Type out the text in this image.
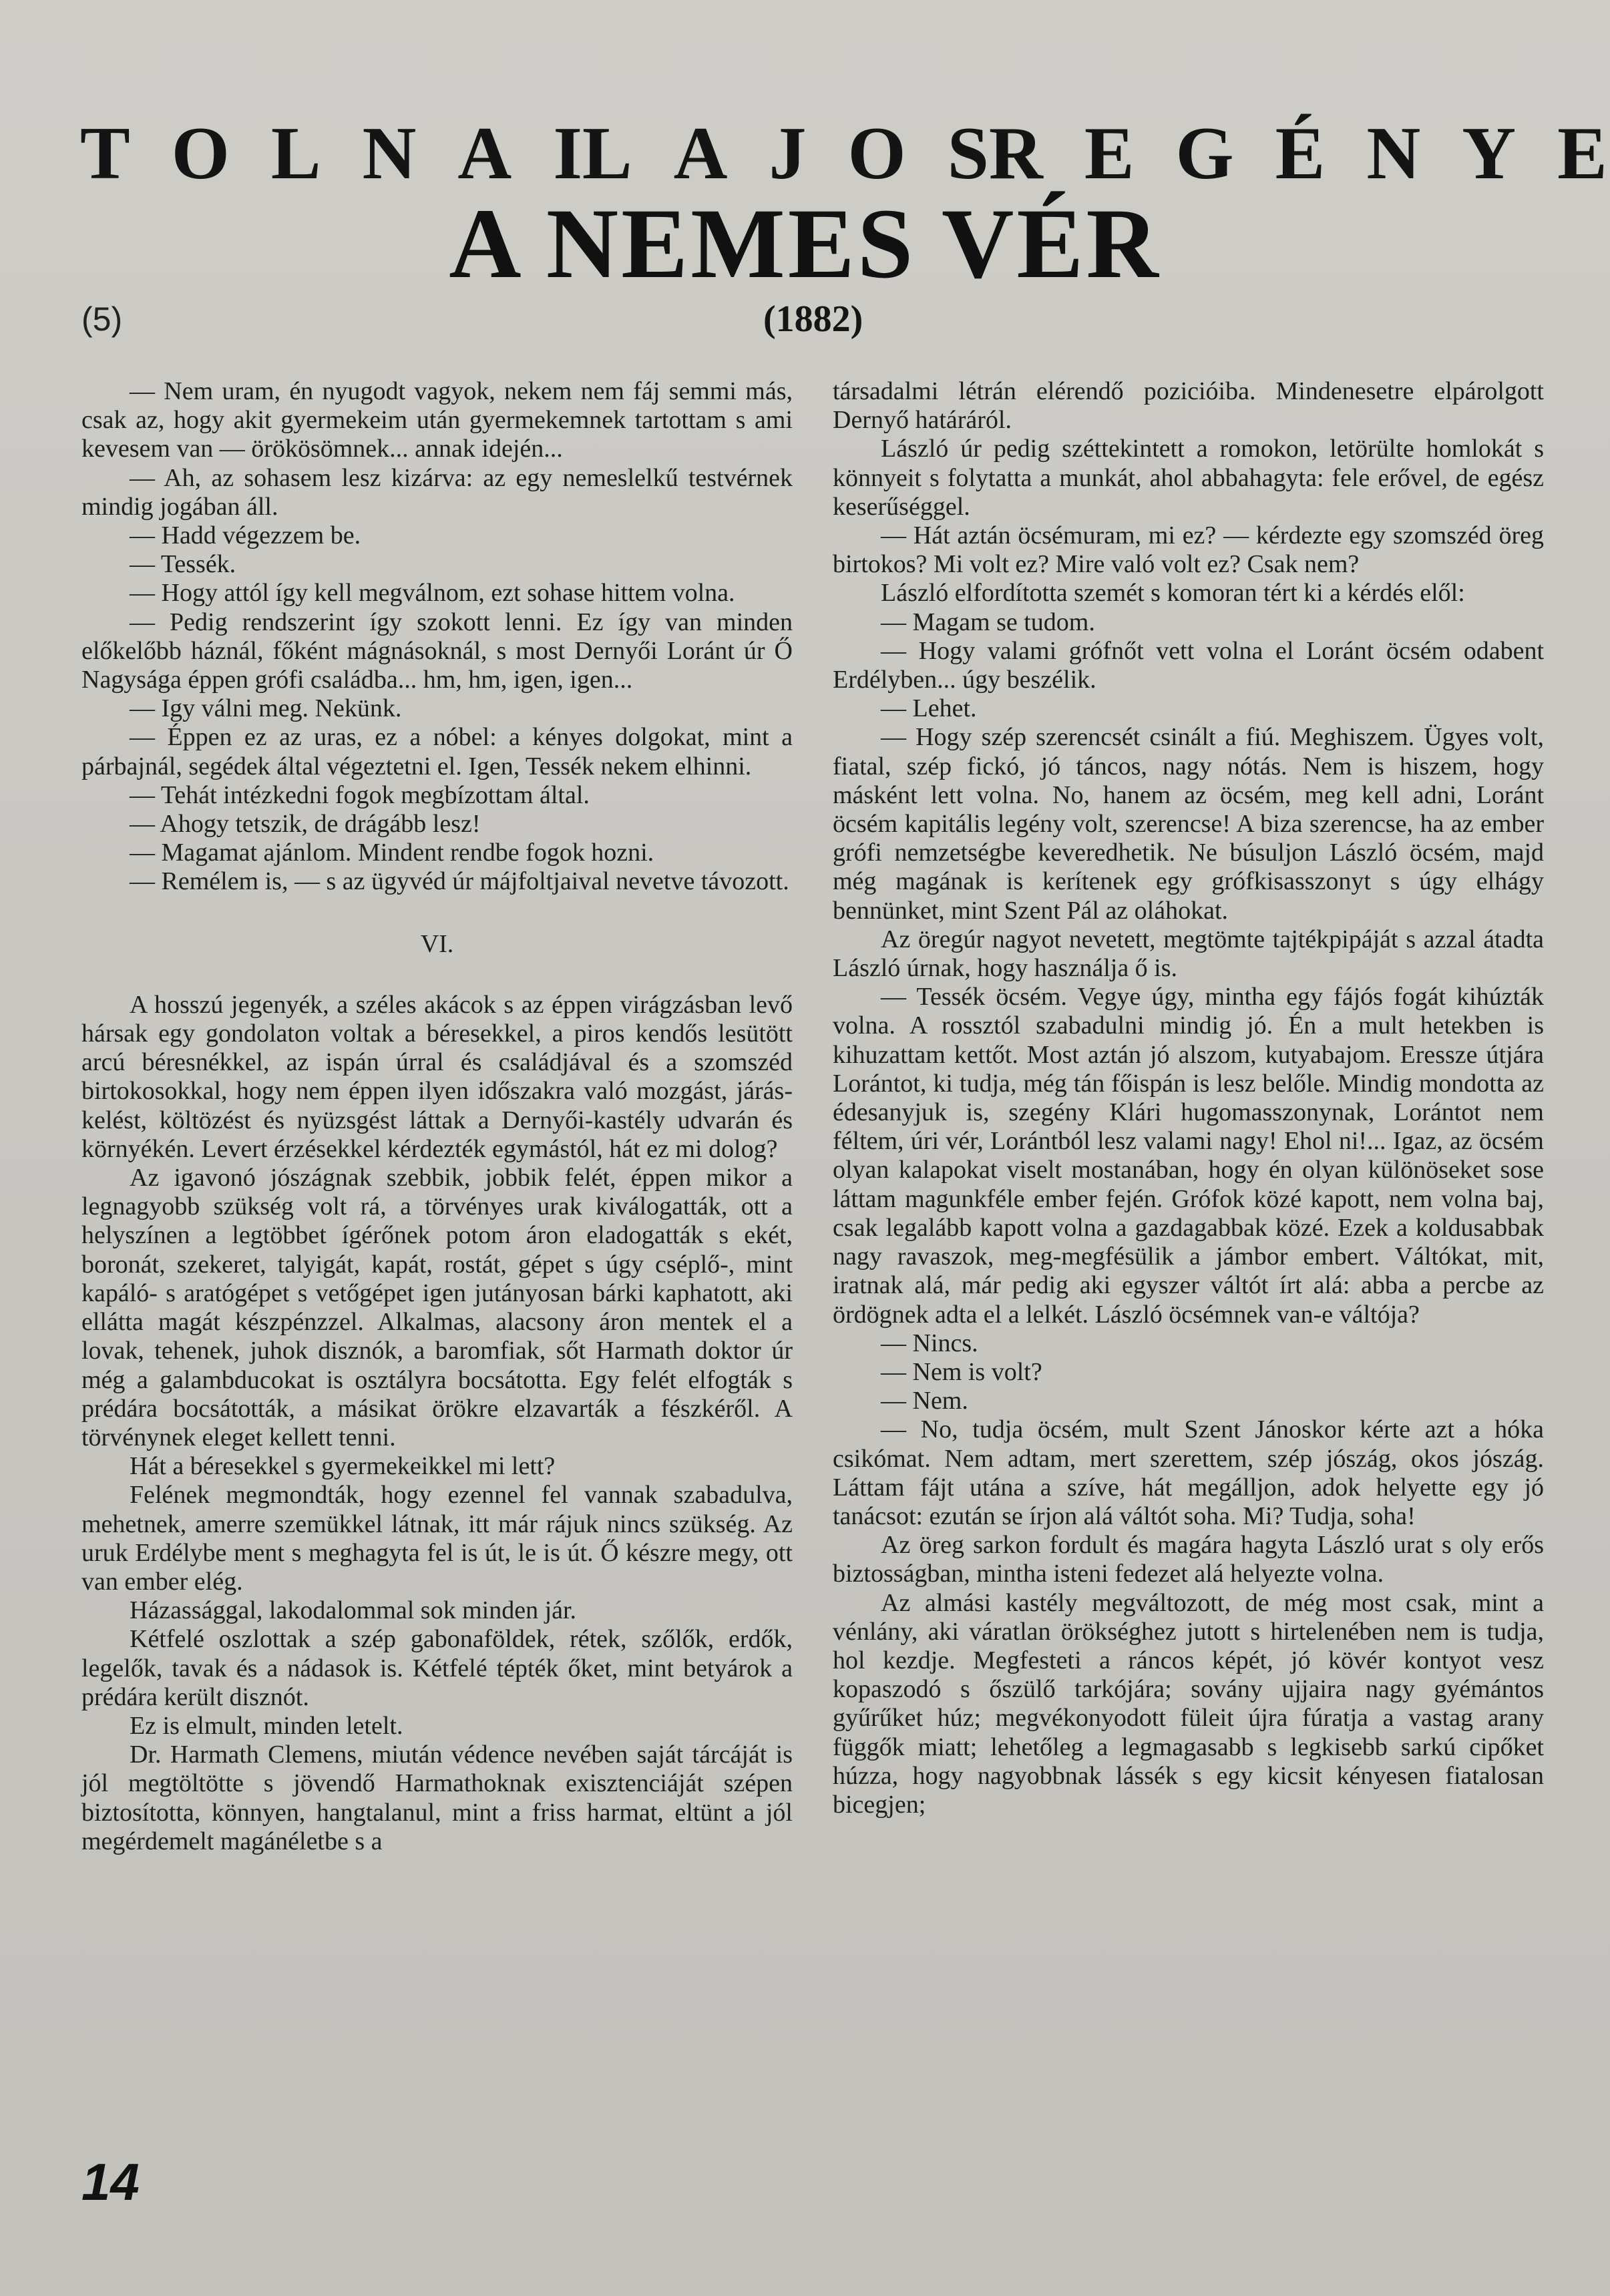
T O L N A I L A J O S R E G É N Y E
A NEMES VÉR
(5)	(1882)

— Nem uram, én nyugodt vagyok, nekem nem fáj semmi más, csak az, hogy akit gyermekeim után gyermekemnek tartottam s ami kevesem van — örökösömnek... annak idején...

— Ah, az sohasem lesz kizárva: az egy nemeslelkű testvérnek mindig jogában áll.

— Hadd végezzem be.

— Tessék.

— Hogy attól így kell megválnom, ezt sohase hittem volna.

— Pedig rendszerint így szokott lenni. Ez így van minden előkelőbb háznál, főként mágnásoknál, s most Dernyői Loránt úr Ő Nagysága éppen grófi családba... hm, hm, igen, igen...

— Igy válni meg. Nekünk.

— Éppen ez az uras, ez a nóbel: a kényes dolgokat, mint a párbajnál, segédek által végeztetni el. Igen, Tessék nekem elhinni.

— Tehát intézkedni fogok megbízottam által.

— Ahogy tetszik, de drágább lesz!

— Magamat ajánlom. Mindent rendbe fogok hozni.

— Remélem is, — s az ügyvéd úr májfoltjaival nevetve távozott.

VI.

A hosszú jegenyék, a széles akácok s az éppen virágzásban levő hársak egy gondolaton voltak a béresekkel, a piros kendős lesütött arcú béresnékkel, az ispán úrral és családjával és a szomszéd birtokosokkal, hogy nem éppen ilyen időszakra való mozgást, járás-kelést, költözést és nyüzsgést láttak a Dernyői-kastély udvarán és környékén. Levert érzésekkel kérdezték egymástól, hát ez mi dolog?

Az igavonó jószágnak szebbik, jobbik felét, éppen mikor a legnagyobb szükség volt rá, a törvényes urak kiválogatták, ott a helyszínen a legtöbbet ígérőnek potom áron eladogatták s ekét, boronát, szekeret, talyigát, kapát, rostát, gépet s úgy cséplő-, mint kapáló- s aratógépet s vetőgépet igen jutányosan bárki kaphatott, aki ellátta magát készpénzzel. Alkalmas, alacsony áron mentek el a lovak, tehenek, juhok disznók, a baromfiak, sőt Harmath doktor úr még a galambducokat is osztályra bocsátotta. Egy felét elfogták s prédára bocsátották, a másikat örökre elzavarták a fészkéről. A törvénynek eleget kellett tenni.

Hát a béresekkel s gyermekeikkel mi lett?

Felének megmondták, hogy ezennel fel vannak szabadulva, mehetnek, amerre szemükkel látnak, itt már rájuk nincs szükség. Az uruk Erdélybe ment s meghagyta fel is út, le is út. Ő készre megy, ott van ember elég.

Házassággal, lakodalommal sok minden jár.

Kétfelé oszlottak a szép gabonaföldek, rétek, szőlők, erdők, legelők, tavak és a nádasok is. Kétfelé tépték őket, mint betyárok a prédára került disznót.

Ez is elmult, minden letelt.

Dr. Harmath Clemens, miután védence nevében saját tárcáját is jól megtöltötte s jövendő Harmathoknak exisztenciáját szépen biztosította, könnyen, hangtalanul, mint a friss harmat, eltünt a jól megérdemelt magánéletbe s a

társadalmi létrán elérendő pozicióiba. Mindenesetre elpárolgott Dernyő határáról.

László úr pedig széttekintett a romokon, letörülte homlokát s könnyeit s folytatta a munkát, ahol abbahagyta: fele erővel, de egész keserűséggel.

— Hát aztán öcsémuram, mi ez? — kérdezte egy szomszéd öreg birtokos? Mi volt ez? Mire való volt ez? Csak nem?

László elfordította szemét s komoran tért ki a kérdés elől:

— Magam se tudom.

— Hogy valami grófnőt vett volna el Loránt öcsém odabent Erdélyben... úgy beszélik.

— Lehet.

— Hogy szép szerencsét csinált a fiú. Meghiszem. Ügyes volt, fiatal, szép fickó, jó táncos, nagy nótás. Nem is hiszem, hogy másként lett volna. No, hanem az öcsém, meg kell adni, Loránt öcsém kapitális legény volt, szerencse! A biza szerencse, ha az ember grófi nemzetségbe keveredhetik. Ne búsuljon László öcsém, majd még magának is kerítenek egy grófkisasszonyt s úgy elhágy bennünket, mint Szent Pál az oláhokat.

Az öregúr nagyot nevetett, megtömte tajtékpipáját s azzal átadta László úrnak, hogy használja ő is.

— Tessék öcsém. Vegye úgy, mintha egy fájós fogát kihúzták volna. A rossztól szabadulni mindig jó. Én a mult hetekben is kihuzattam kettőt. Most aztán jó alszom, kutyabajom. Eressze útjára Lorántot, ki tudja, még tán főispán is lesz belőle. Mindig mondotta az édesanyjuk is, szegény Klári hugomasszonynak, Lorántot nem féltem, úri vér, Lorántból lesz valami nagy! Ehol ni!... Igaz, az öcsém olyan kalapokat viselt mostanában, hogy én olyan különöseket sose láttam magunkféle ember fején. Grófok közé kapott, nem volna baj, csak legalább kapott volna a gazdagabbak közé. Ezek a koldusabbak nagy ravaszok, meg-megfésülik a jámbor embert. Váltókat, mit, iratnak alá, már pedig aki egyszer váltót írt alá: abba a percbe az ördögnek adta el a lelkét. László öcsémnek van-e váltója?

— Nincs.

— Nem is volt?

— Nem.

— No, tudja öcsém, mult Szent Jánoskor kérte azt a hóka csikómat. Nem adtam, mert szerettem, szép jószág, okos jószág. Láttam fájt utána a szíve, hát megálljon, adok helyette egy jó tanácsot: ezután se írjon alá váltót soha. Mi? Tudja, soha!

Az öreg sarkon fordult és magára hagyta László urat s oly erős biztosságban, mintha isteni fedezet alá helyezte volna.

Az almási kastély megváltozott, de még most csak, mint a vénlány, aki váratlan örökséghez jutott s hirtelenében nem is tudja, hol kezdje. Megfesteti a ráncos képét, jó kövér kontyot vesz kopaszodó s őszülő tarkójára; sovány ujjaira nagy gyémántos gyűrűket húz; megvékonyodott füleit újra fúratja a vastag arany függők miatt; lehetőleg a legmagasabb s legkisebb sarkú cipőket húzza, hogy nagyobbnak lássék s egy kicsit kényesen fiatalosan bicegjen;

14
